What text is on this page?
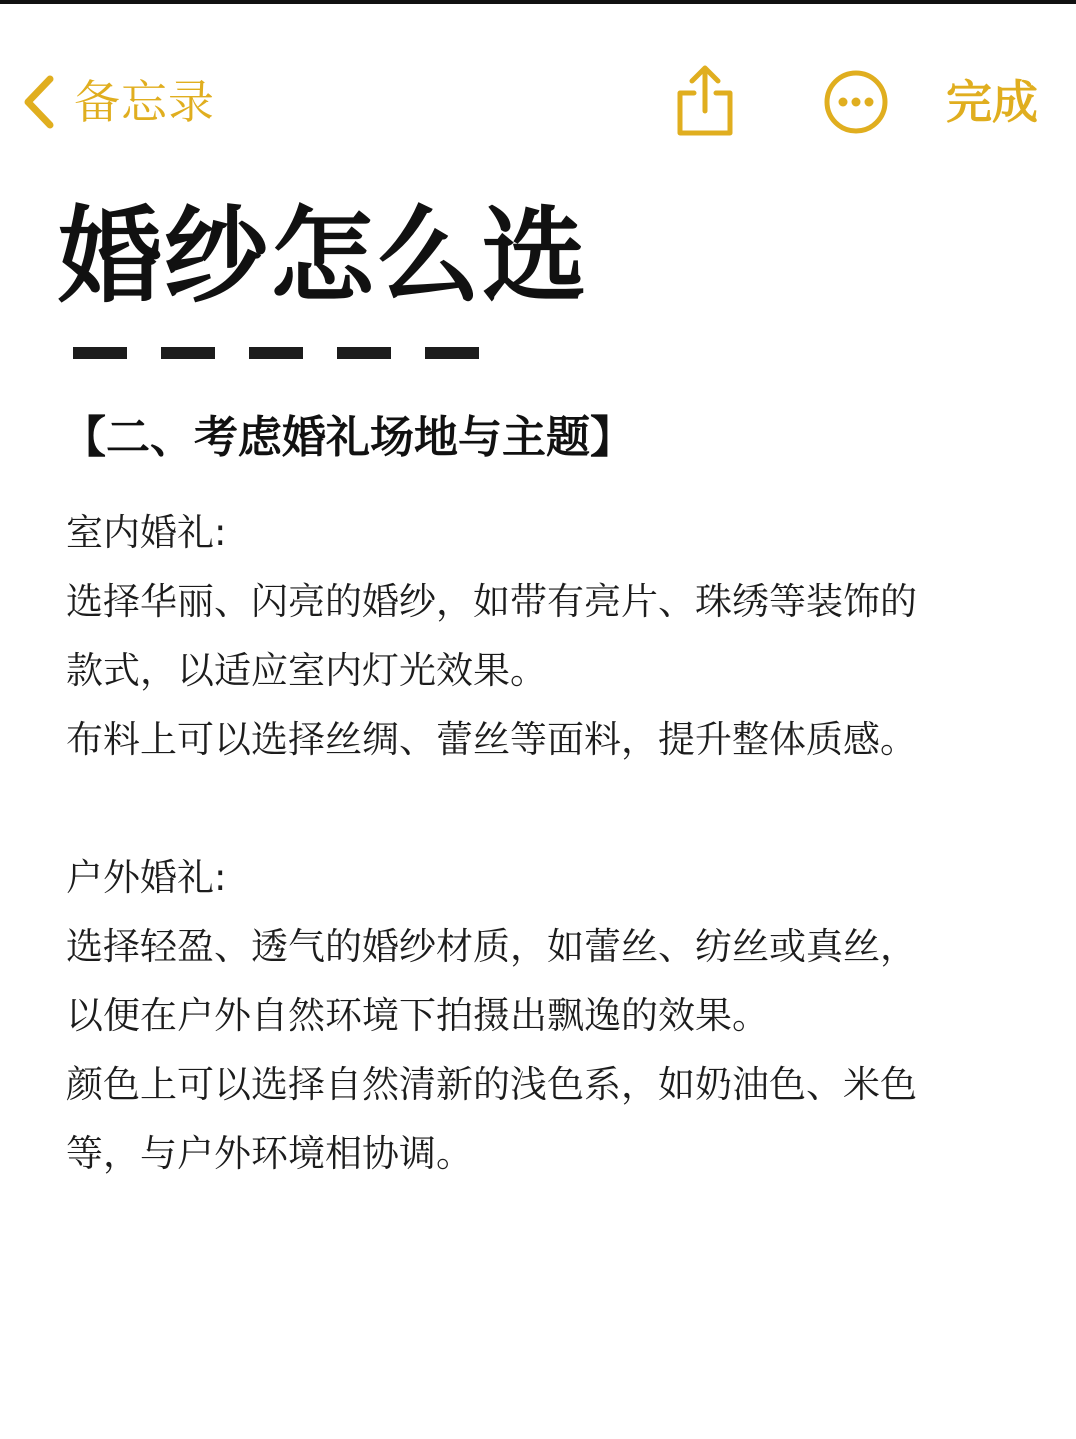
备忘录	完成
婚纱怎么选
【二、考虑婚礼场地与主题】

室内婚礼:

选择华丽、闪亮的婚纱，如带有亮片、珠绣等装饰的

款式，以适应室内灯光效果。

布料上可以选择丝绸、蕾丝等面料，提升整体质感。

户外婚礼:

选择轻盈、透气的婚纱材质，如蕾丝、纺丝或真丝，

以便在户外自然环境下拍摄出飘逸的效果。

颜色上可以选择自然清新的浅色系，如奶油色、米色

等，与户外环境相协调。
